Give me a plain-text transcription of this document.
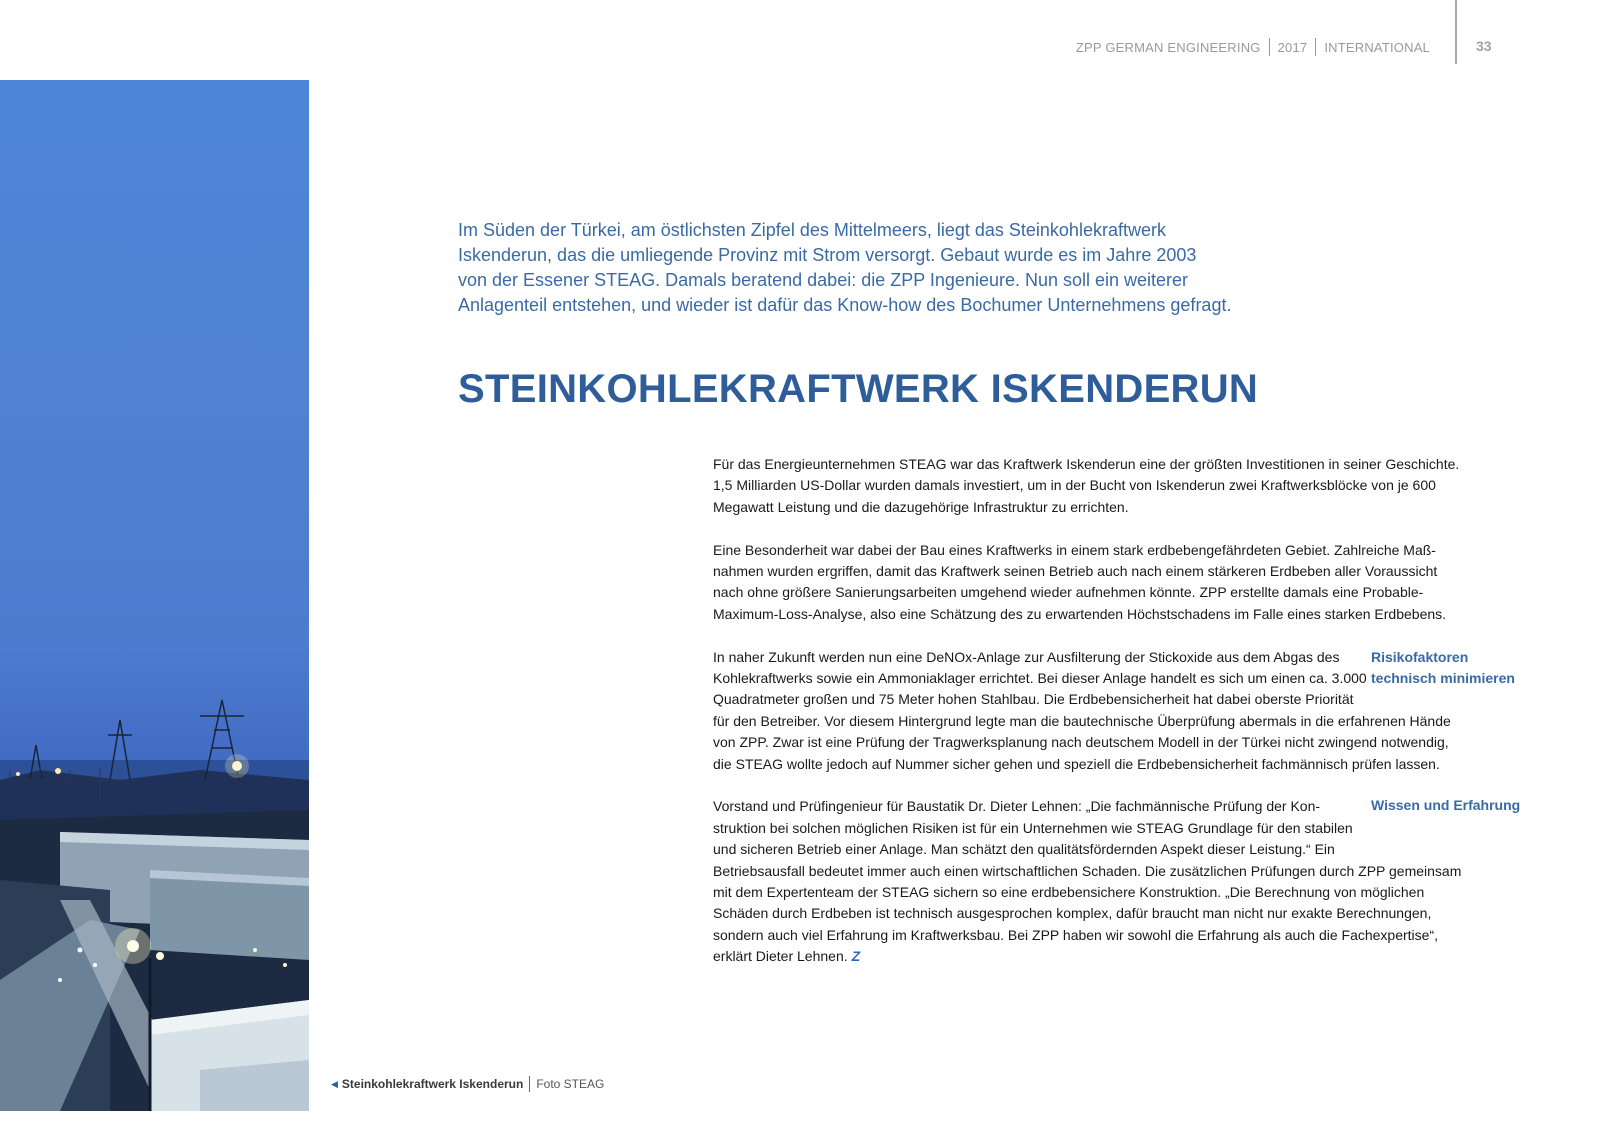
ZPP GERMAN ENGINEERING 2017 INTERNATIONAL	33
◀ Steinkohlekraftwerk Iskenderun Foto STEAG
Im Süden der Türkei, am östlichsten Zipfel des Mittelmeers, liegt das Steinkohlekraftwerk
Iskenderun, das die umliegende Provinz mit Strom versorgt. Gebaut wurde es im Jahre 2003
von der Essener STEAG. Damals beratend dabei: die ZPP Ingenieure. Nun soll ein weiterer
Anlagenteil entstehen, und wieder ist dafür das Know-how des Bochumer Unternehmens gefragt.
STEINKOHLEKRAFTWERK ISKENDERUN
Für das Energieunternehmen STEAG war das Kraftwerk Iskenderun eine der größten Investitionen in seiner Geschichte.
1,5 Milliarden US-Dollar wurden damals investiert, um in der Bucht von Iskenderun zwei Kraftwerksblöcke von je 600
Megawatt Leistung und die dazugehörige Infrastruktur zu errichten.
Eine Besonderheit war dabei der Bau eines Kraftwerks in einem stark erdbebengefährdeten Gebiet. Zahlreiche Maß-
nahmen wurden ergriffen, damit das Kraftwerk seinen Betrieb auch nach einem stärkeren Erdbeben aller Voraussicht
nach ohne größere Sanierungsarbeiten umgehend wieder aufnehmen könnte. ZPP erstellte damals eine Probable-
Maximum-Loss-Analyse, also eine Schätzung des zu erwartenden Höchstschadens im Falle eines starken Erdbebens.
In naher Zukunft werden nun eine DeNOx-Anlage zur Ausfilterung der Stickoxide aus dem Abgas des
Kohlekraftwerks sowie ein Ammoniaklager errichtet. Bei dieser Anlage handelt es sich um einen ca. 3.000
Quadratmeter großen und 75 Meter hohen Stahlbau. Die Erdbebensicherheit hat dabei oberste Priorität
für den Betreiber. Vor diesem Hintergrund legte man die bautechnische Überprüfung abermals in die erfahrenen Hände
von ZPP. Zwar ist eine Prüfung der Tragwerksplanung nach deutschem Modell in der Türkei nicht zwingend notwendig,
die STEAG wollte jedoch auf Nummer sicher gehen und speziell die Erdbebensicherheit fachmännisch prüfen lassen.
Vorstand und Prüfingenieur für Baustatik Dr. Dieter Lehnen: „Die fachmännische Prüfung der Kon-
struktion bei solchen möglichen Risiken ist für ein Unternehmen wie STEAG Grundlage für den stabilen
und sicheren Betrieb einer Anlage. Man schätzt den qualitätsfördernden Aspekt dieser Leistung.“ Ein
Betriebsausfall bedeutet immer auch einen wirtschaftlichen Schaden. Die zusätzlichen Prüfungen durch ZPP gemeinsam
mit dem Expertenteam der STEAG sichern so eine erdbebensichere Konstruktion. „Die Berechnung von möglichen
Schäden durch Erdbeben ist technisch ausgesprochen komplex, dafür braucht man nicht nur exakte Berechnungen,
sondern auch viel Erfahrung im Kraftwerksbau. Bei ZPP haben wir sowohl die Erfahrung als auch die Fachexpertise“,
erklärt Dieter Lehnen. Z
Risikofaktoren
technisch minimieren
Wissen und Erfahrung
